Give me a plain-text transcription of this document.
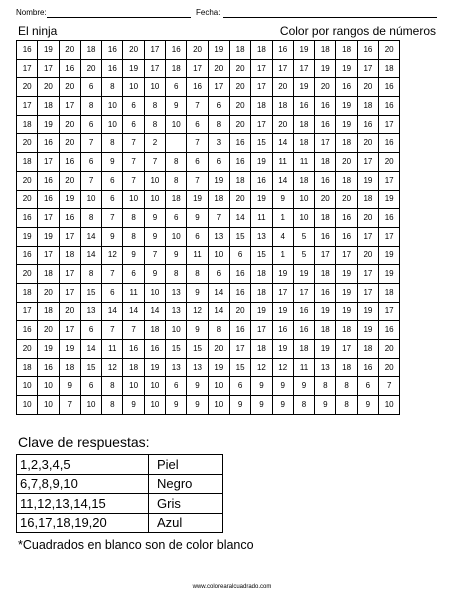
Nombre:	Fecha:
El ninja	Color por rangos de números
16	19	20	18	16	20	17	16	20	19	18	18	16	19	18	18	16	20
17	17	16	20	16	19	17	18	17	20	20	17	17	17	19	19	17	18
20	20	20	6	8	10	10	6	16	17	20	17	20	19	20	16	20	16
17	18	17	8	10	6	8	9	7	6	20	18	18	16	16	19	18	16
18	19	20	6	10	6	8	10	6	8	20	17	20	18	16	19	16	17
20	16	20	7	8	7	2		7	3	16	15	14	18	17	18	20	16
18	17	16	6	9	7	7	8	6	6	16	19	11	11	18	20	17	20
20	16	20	7	6	7	10	8	7	19	18	16	14	18	16	18	19	17
20	16	19	10	6	10	10	18	19	18	20	19	9	10	20	20	18	19
16	17	16	8	7	8	9	6	9	7	14	11	1	10	18	16	20	16
19	19	17	14	9	8	9	10	6	13	15	13	4	5	16	16	17	17
16	17	18	14	12	9	7	9	11	10	6	15	1	5	17	17	20	19
20	18	17	8	7	6	9	8	8	6	16	18	19	19	18	19	17	19
18	20	17	15	6	11	10	13	9	14	16	18	17	17	16	19	17	18
17	18	20	13	14	14	14	13	12	14	20	19	19	16	19	19	19	17
16	20	17	6	7	7	18	10	9	8	16	17	16	16	18	18	19	16
20	19	19	14	11	16	16	15	15	20	17	18	19	18	19	17	18	20
18	16	18	15	12	18	19	13	13	19	15	12	12	11	13	18	16	20
10	10	9	6	8	10	10	6	9	10	6	9	9	9	8	8	6	7
10	10	7	10	8	9	10	9	9	10	9	9	9	8	9	8	9	10
Clave de respuestas:
1,2,3,4,5	Piel
6,7,8,9,10	Negro
11,12,13,14,15	Gris
16,17,18,19,20	Azul
*Cuadrados en blanco son de color blanco
www.colorearalcuadrado.com
